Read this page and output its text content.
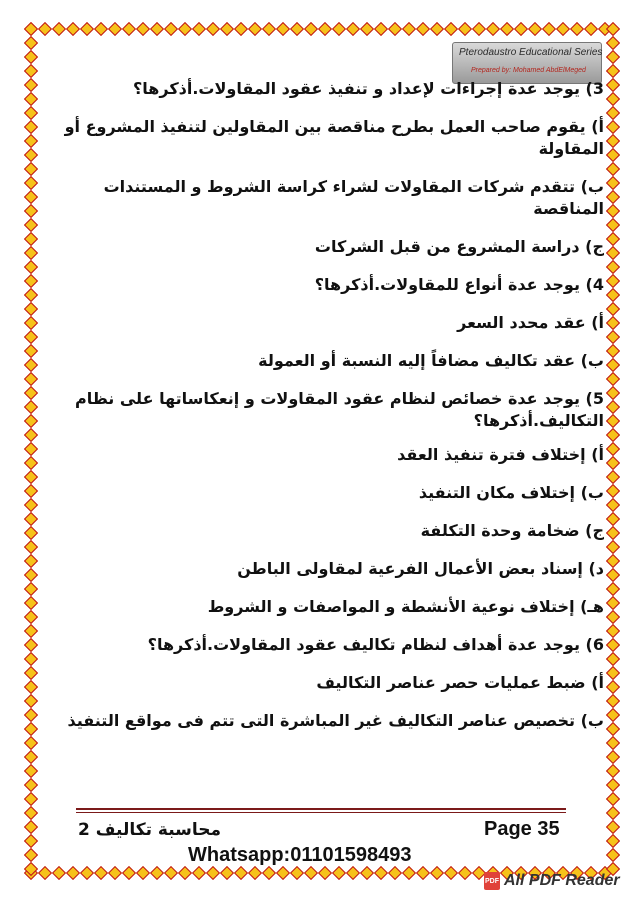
Pterodaustro Educational Series
Prepared by: Mohamed AbdElMeged

3) يوجد عدة إجراءات لإعداد و تنفيذ عقود المقاولات.أذكرها؟

أ) يقوم صاحب العمل بطرح مناقصة بين المقاولين لتنفيذ المشروع أو المقاولة

ب) تتقدم شركات المقاولات لشراء كراسة الشروط و المستندات المناقصة

ج) دراسة المشروع من قبل الشركات

4) يوجد عدة أنواع للمقاولات.أذكرها؟

أ) عقد محدد السعر

ب) عقد تكاليف مضافاً إليه النسبة أو العمولة

5) يوجد عدة خصائص لنظام عقود المقاولات و إنعكاساتها على نظام التكاليف.أذكرها؟

أ) إختلاف فترة تنفيذ العقد

ب) إختلاف مكان التنفيذ

ج) ضخامة وحدة التكلفة

د) إسناد بعض الأعمال الفرعية لمقاولى الباطن

هـ) إختلاف نوعية الأنشطة و المواصفات و الشروط

6) يوجد عدة أهداف لنظام تكاليف عقود المقاولات.أذكرها؟

أ) ضبط عمليات حصر عناصر التكاليف

ب) تخصيص عناصر التكاليف غير المباشرة التى تتم فى مواقع التنفيذ

محاسبة تكاليف 2	Page 35
Whatsapp:01101598493
PDF All PDF Reader
